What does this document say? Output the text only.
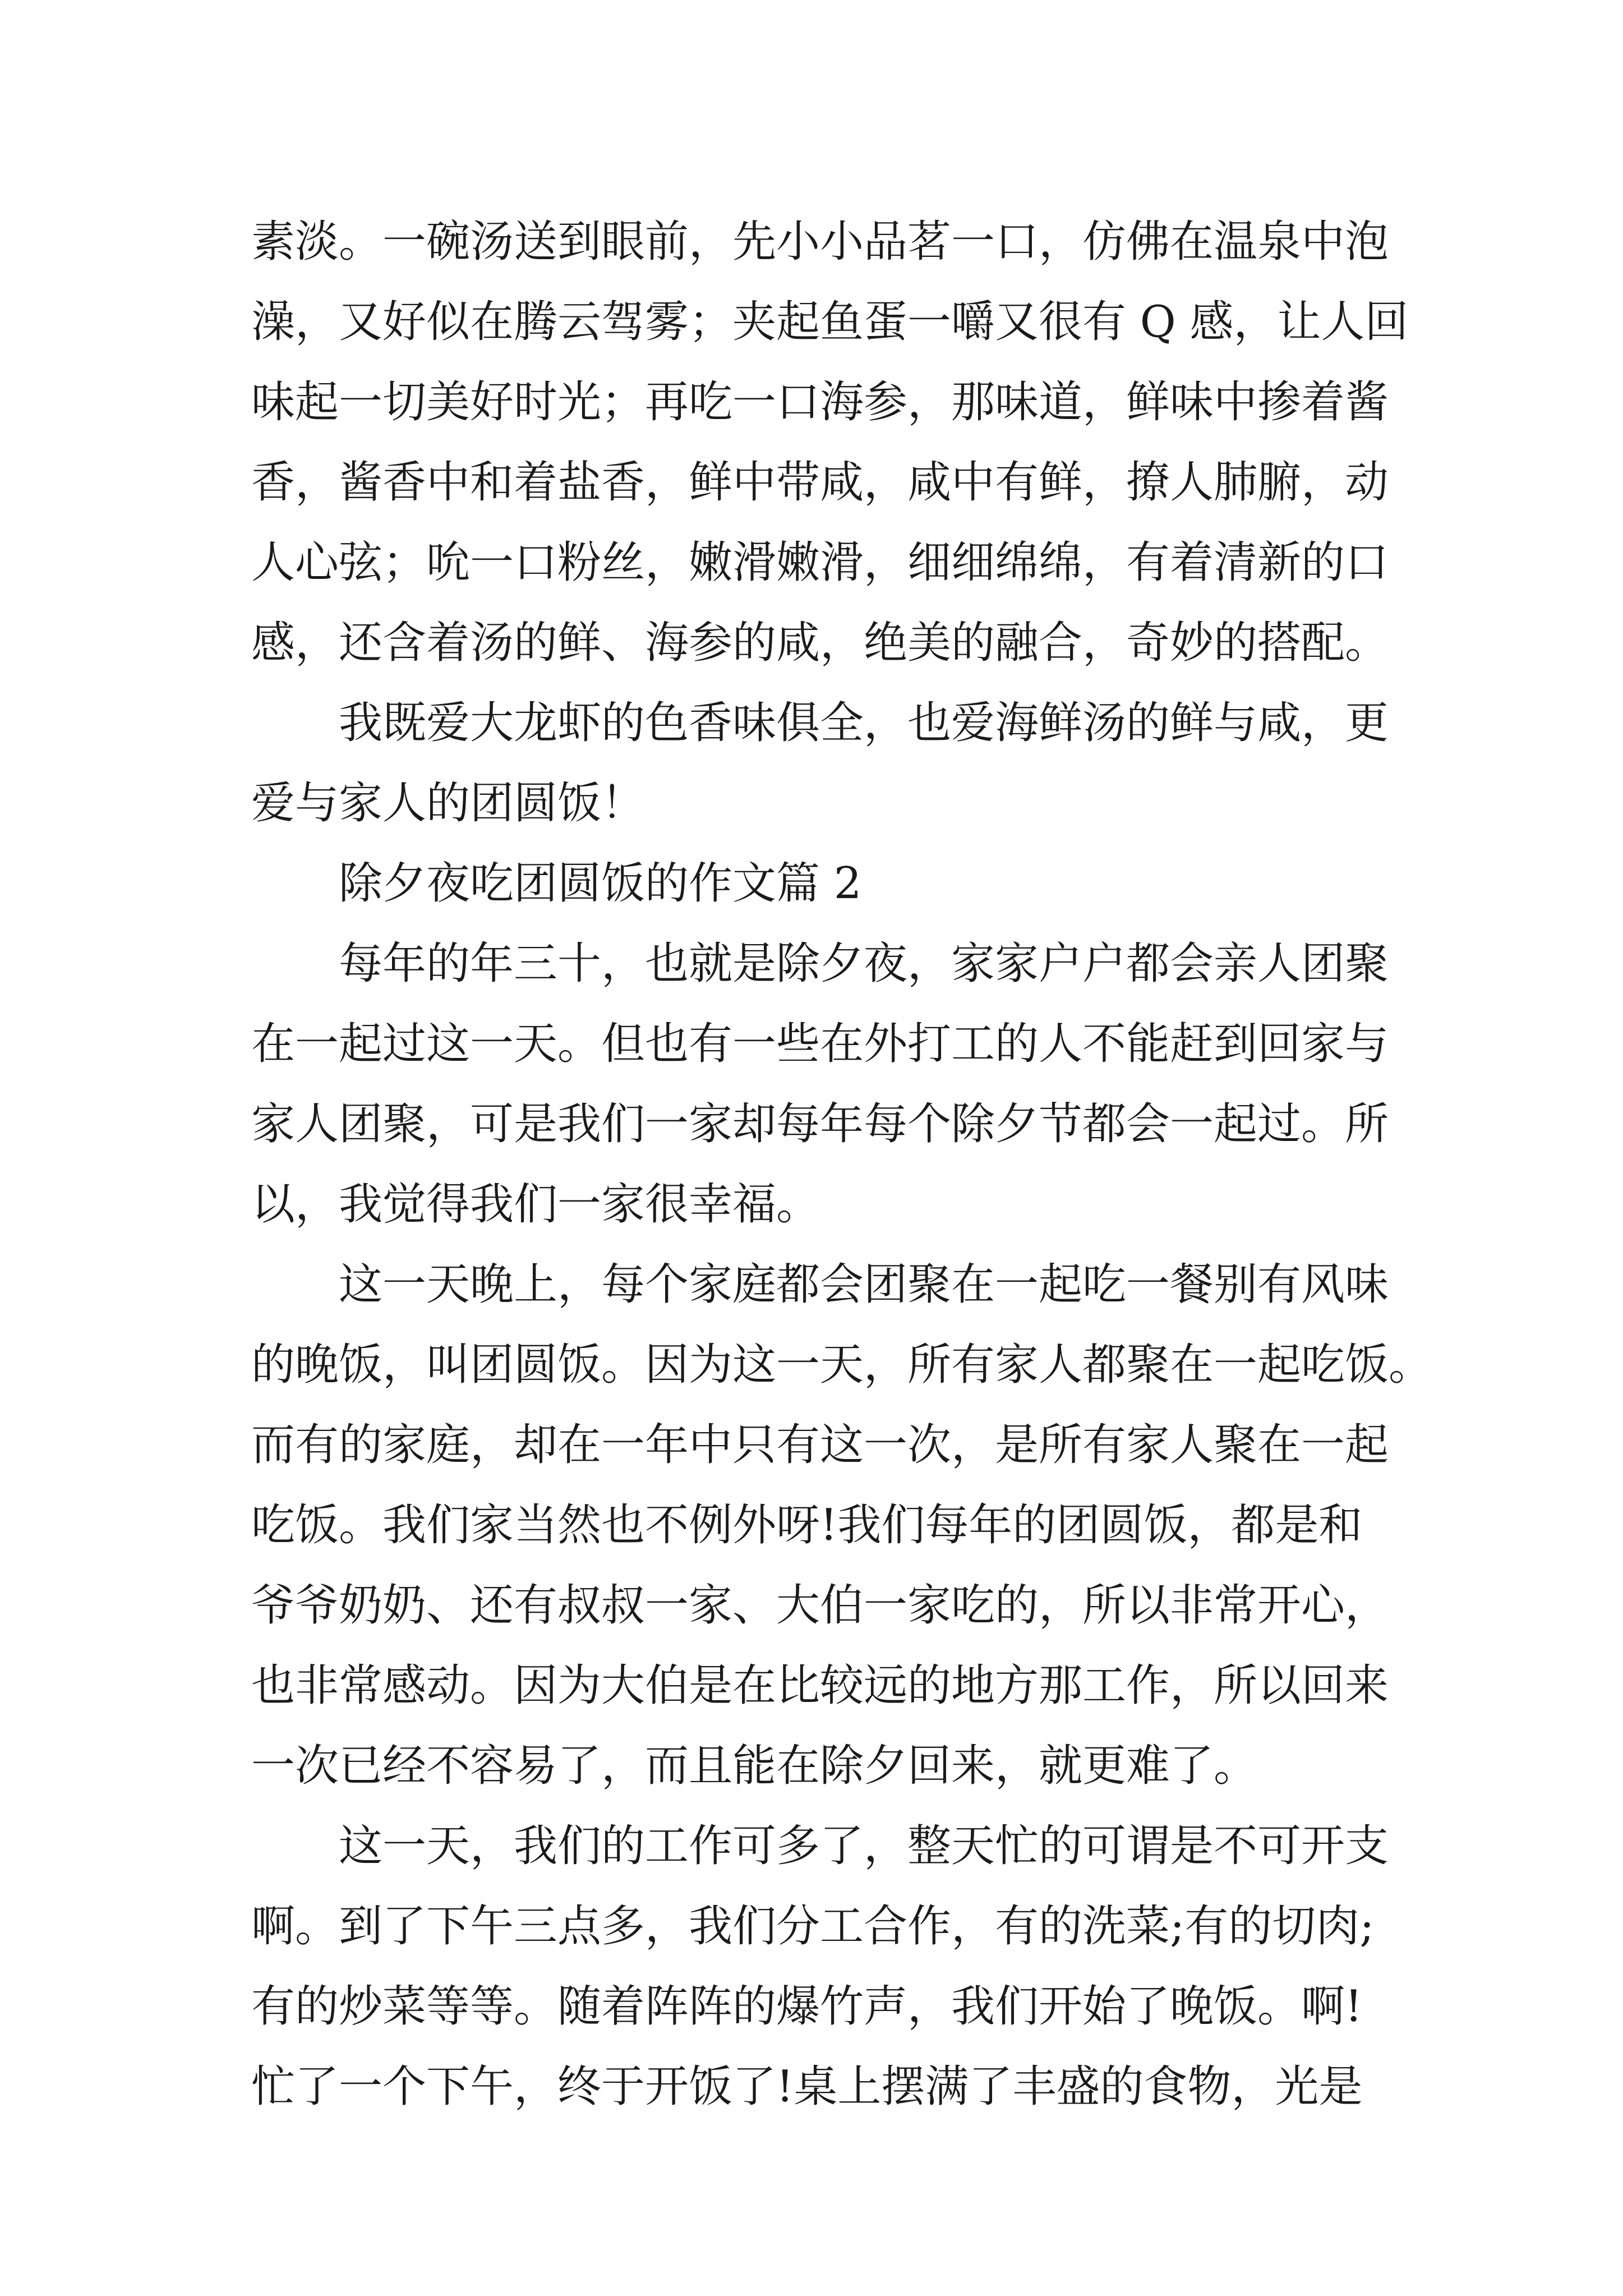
素淡。一碗汤送到眼前，先小小品茗一口，仿佛在温泉中泡
澡，又好似在腾云驾雾；夹起鱼蛋一嚼又很有 Q 感，让人回
味起一切美好时光；再吃一口海参，那味道，鲜味中掺着酱
香，酱香中和着盐香，鲜中带咸，咸中有鲜，撩人肺腑，动
人心弦；吮一口粉丝，嫩滑嫩滑，细细绵绵，有着清新的口
感，还含着汤的鲜、海参的咸，绝美的融合，奇妙的搭配。
我既爱大龙虾的色香味俱全，也爱海鲜汤的鲜与咸，更
爱与家人的团圆饭！
除夕夜吃团圆饭的作文篇 2
每年的年三十，也就是除夕夜，家家户户都会亲人团聚
在一起过这一天。但也有一些在外打工的人不能赶到回家与
家人团聚，可是我们一家却每年每个除夕节都会一起过。所
以，我觉得我们一家很幸福。
这一天晚上，每个家庭都会团聚在一起吃一餐别有风味
的晚饭，叫团圆饭。因为这一天，所有家人都聚在一起吃饭。
而有的家庭，却在一年中只有这一次，是所有家人聚在一起
吃饭。我们家当然也不例外呀!我们每年的团圆饭，都是和
爷爷奶奶、还有叔叔一家、大伯一家吃的，所以非常开心，
也非常感动。因为大伯是在比较远的地方那工作，所以回来
一次已经不容易了，而且能在除夕回来，就更难了。
这一天，我们的工作可多了，整天忙的可谓是不可开支
啊。到了下午三点多，我们分工合作，有的洗菜;有的切肉;
有的炒菜等等。随着阵阵的爆竹声，我们开始了晚饭。啊!
忙了一个下午，终于开饭了!桌上摆满了丰盛的食物，光是
